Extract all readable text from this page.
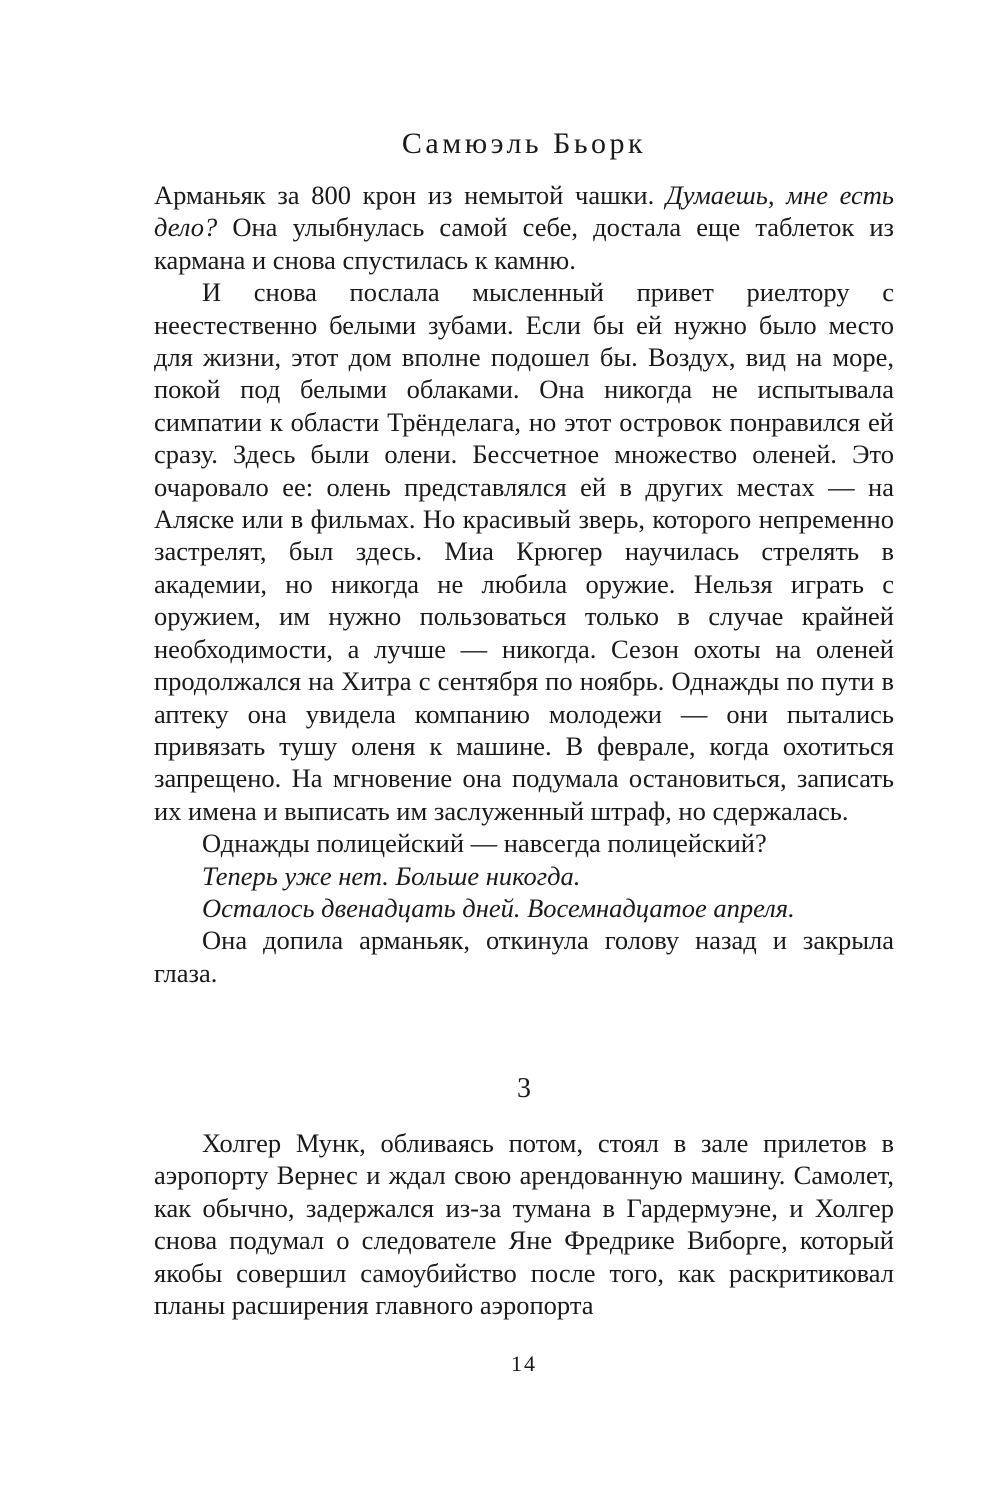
Самюэль Бьорк

Арманьяк за 800 крон из немытой чашки. Думаешь, мне есть дело? Она улыбнулась самой себе, достала еще таблеток из кармана и снова спустилась к камню.

И снова послала мысленный привет риелтору с неестественно белыми зубами. Если бы ей нужно было место для жизни, этот дом вполне подошел бы. Воздух, вид на море, покой под белыми облаками. Она никогда не испытывала симпатии к области Трёнделага, но этот островок понравился ей сразу. Здесь были олени. Бессчетное множество оленей. Это очаровало ее: олень представлялся ей в других местах — на Аляске или в фильмах. Но красивый зверь, которого непременно застрелят, был здесь. Миа Крюгер научилась стрелять в академии, но никогда не любила оружие. Нельзя играть с оружием, им нужно пользоваться только в случае крайней необходимости, а лучше — никогда. Сезон охоты на оленей продолжался на Хитра с сентября по ноябрь. Однажды по пути в аптеку она увидела компанию молодежи — они пытались привязать тушу оленя к машине. В феврале, когда охотиться запрещено. На мгновение она подумала остановиться, записать их имена и выписать им заслуженный штраф, но сдержалась.

Однажды полицейский — навсегда полицейский?

Теперь уже нет. Больше никогда.

Осталось двенадцать дней. Восемнадцатое апреля.

Она допила арманьяк, откинула голову назад и закрыла глаза.

3

Холгер Мунк, обливаясь потом, стоял в зале прилетов в аэропорту Вернес и ждал свою арендованную машину. Самолет, как обычно, задержался из-за тумана в Гардермуэне, и Холгер снова подумал о следователе Яне Фредрике Виборге, который якобы совершил самоубийство после того, как раскритиковал планы расширения главного аэропорта

14
